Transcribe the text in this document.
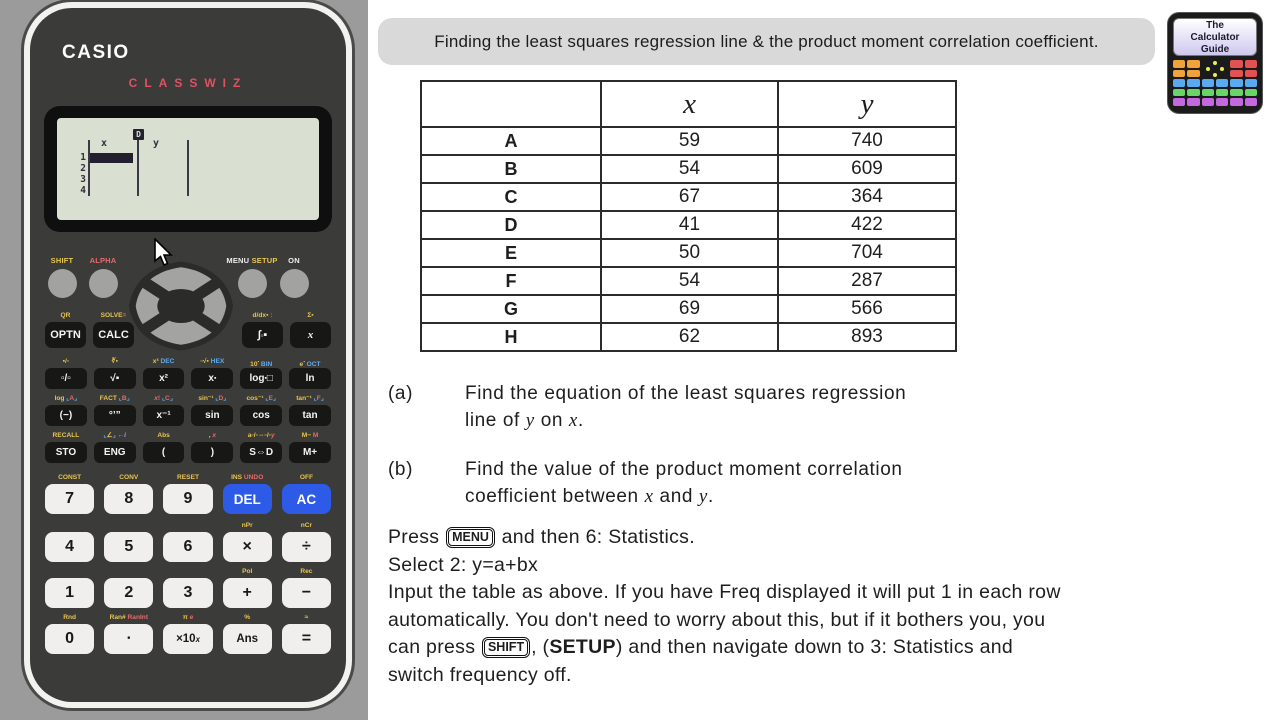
CASIO
CLASSWIZ
D
x	y
1
2
3
4
SHIFT	ALPHA	MENU SETUP	ON
QR
OPTN
SOLVE=
CALC
d/dx▪ :
∫ ▫ ▪
Σ▪
x
▪/▫
▫/▫
∛▪
√▪
x³ DEC
x²
▫√▪ HEX
x ▪
10▪ BIN
log ▪ □
e▪ OCT
ln
log ⌞A⌟
(−)
FACT ⌞B⌟
°’”
x! ⌞C⌟
x⁻¹
sin⁻¹ ⌞D⌟
sin
cos⁻¹ ⌞E⌟
cos
tan⁻¹ ⌞F⌟
tan
RECALL
STO
⌞∠⌟ ←i
ENG
Abs
(
, x
)
a▫/▫⇔▫/▫y
S⇔D
M− M
M+
CONST
7
CONV
8
RESET
9
INS UNDO
DEL
OFF
AC
4	5	6
nPr
×
nCr
÷
1	2	3
Pol
+
Rec
−
Rnd
0
Ran# RanInt
∙
π e
×10 x
%
Ans
≈
=
Finding the least squares regression line & the product moment correlation coefficient.
The
Calculator
Guide
	x	y
A	59	740
B	54	609
C	67	364
D	41	422
E	50	704
F	54	287
G	69	566
H	62	893
(a)	Find the equation of the least squares regression
line of y on x.
(b)	Find the value of the product moment correlation
coefficient between x and y.
Press MENU and then 6: Statistics.
Select 2: y=a+bx
Input the table as above. If you have Freq displayed it will put 1 in each row
automatically. You don't need to worry about this, but if it bothers you, you
can press SHIFT , (SETUP) and then navigate down to 3: Statistics and
switch frequency off.
